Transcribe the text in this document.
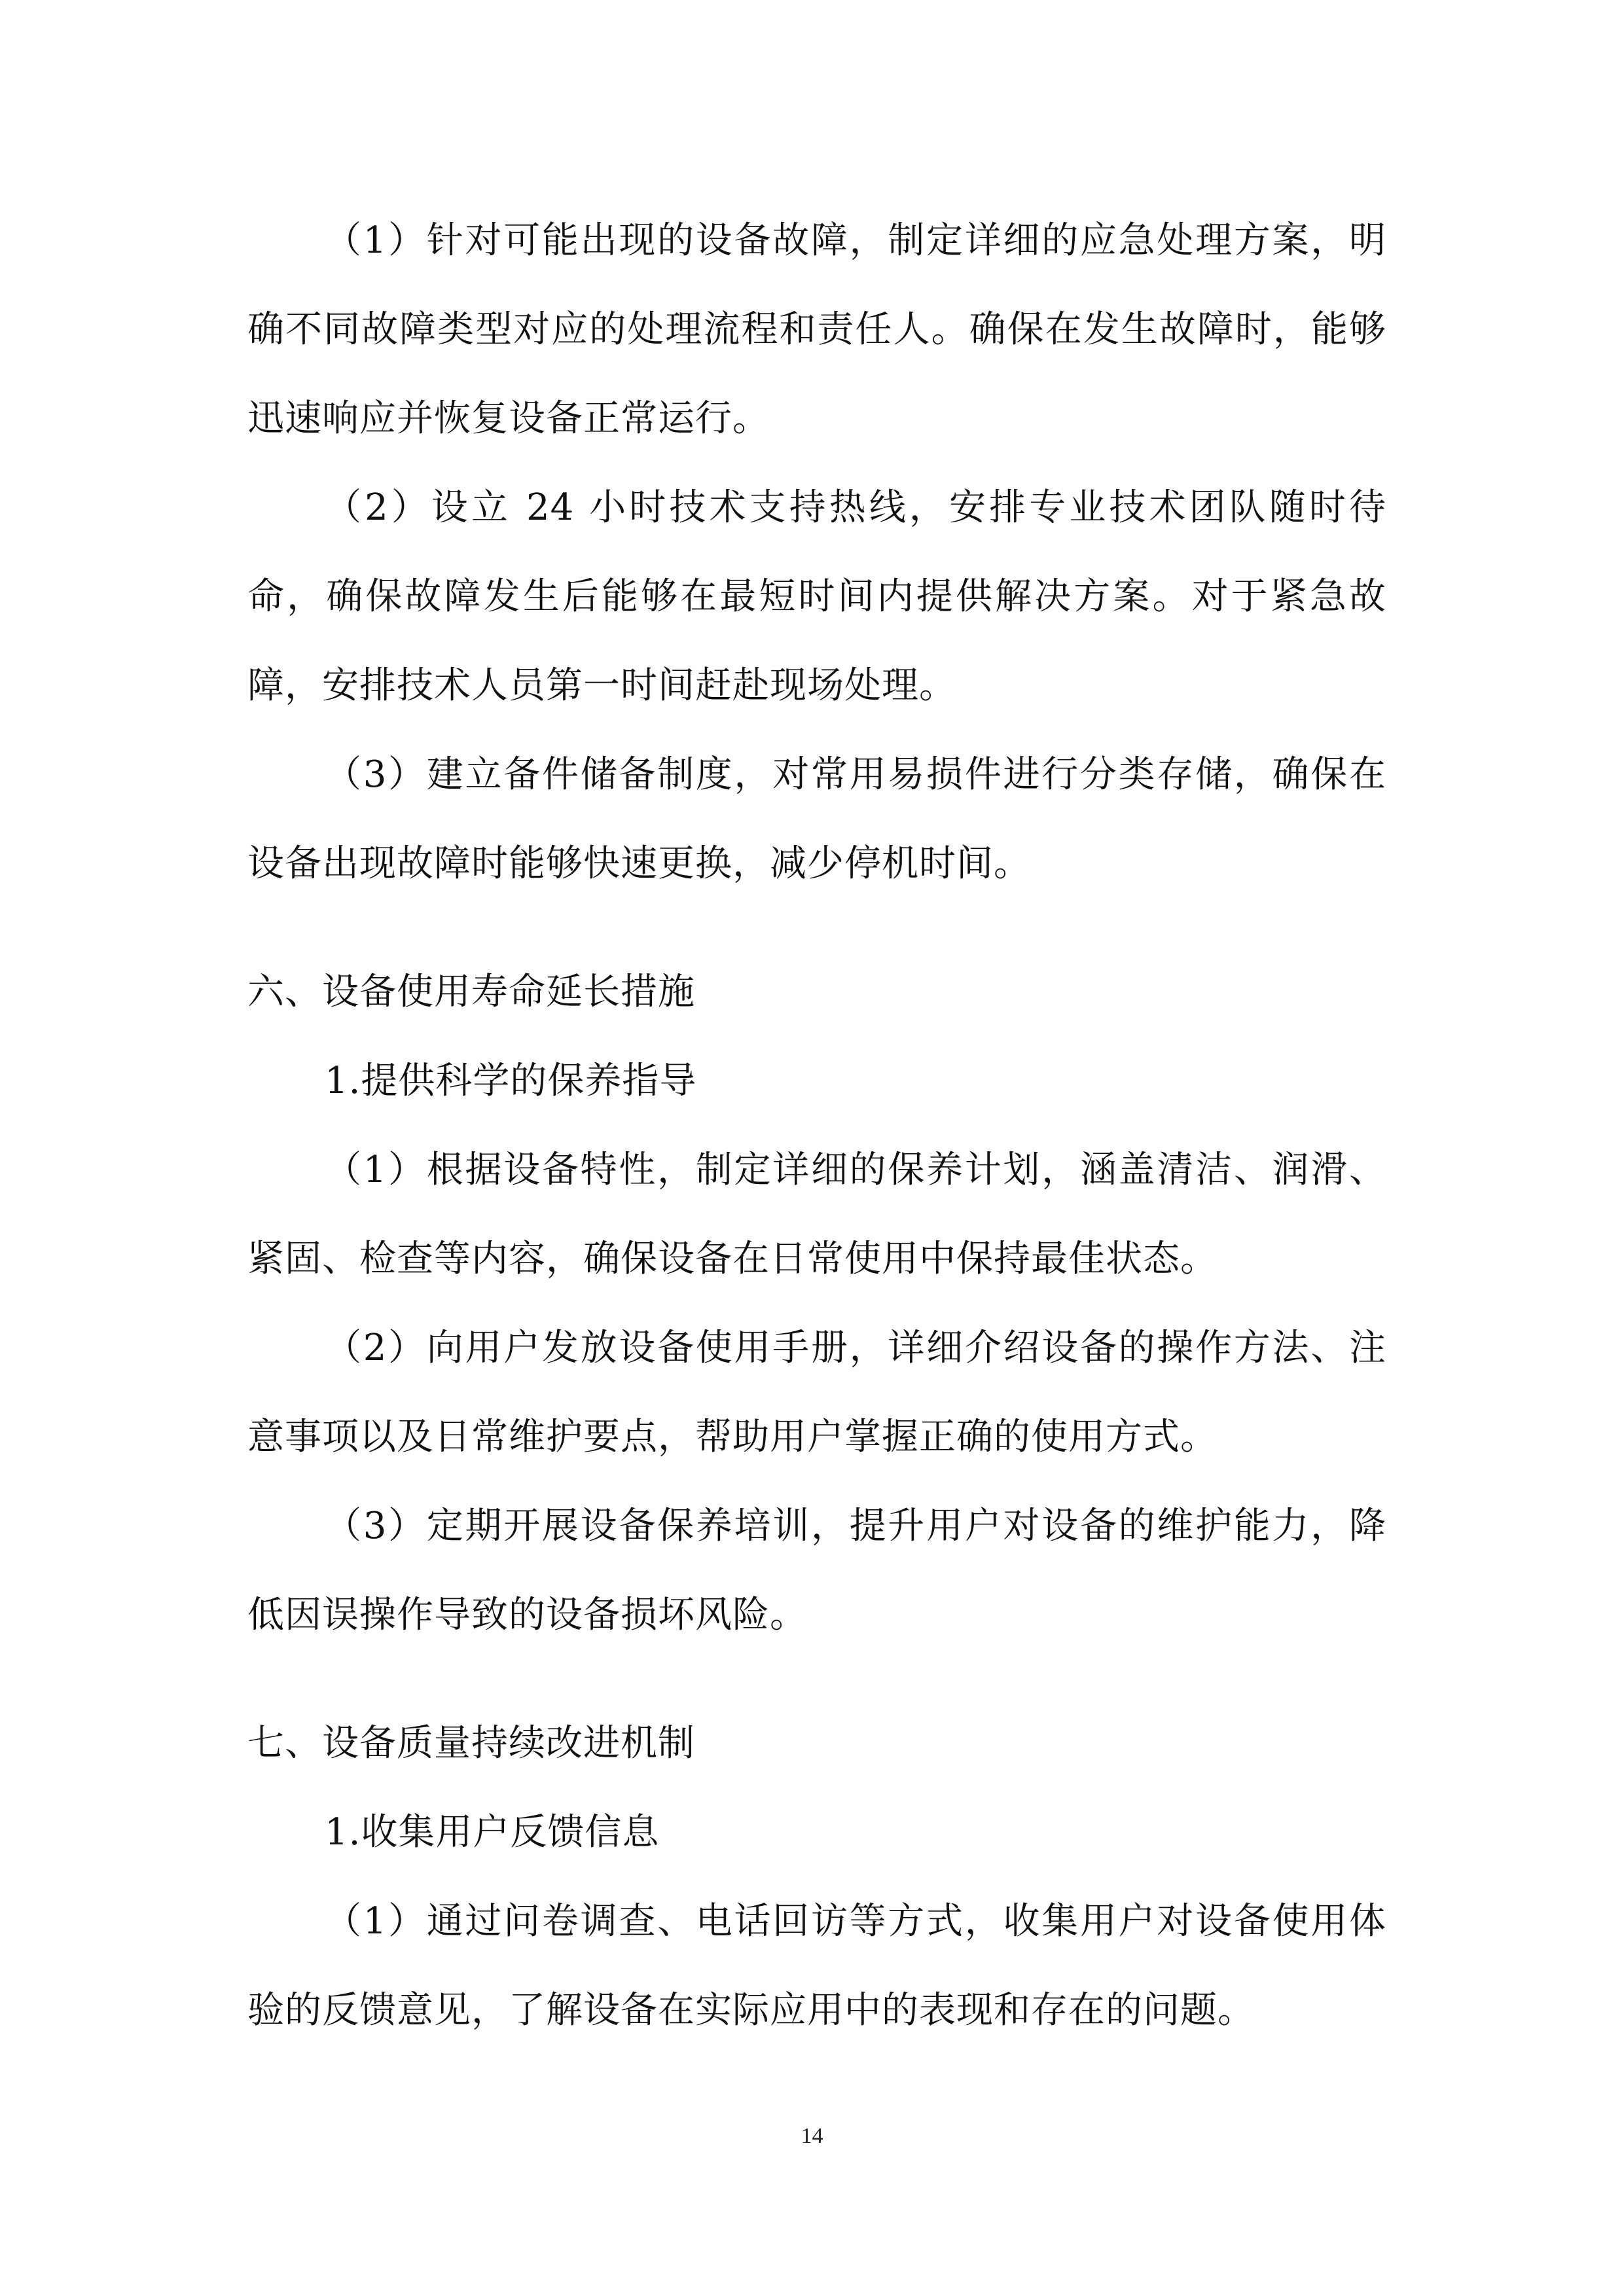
（1）针对可能出现的设备故障，制定详细的应急处理方案，明确不同故障类型对应的处理流程和责任人。确保在发生故障时，能够迅速响应并恢复设备正常运行。

（2）设立 24 小时技术支持热线，安排专业技术团队随时待命，确保故障发生后能够在最短时间内提供解决方案。对于紧急故障，安排技术人员第一时间赶赴现场处理。

（3）建立备件储备制度，对常用易损件进行分类存储，确保在设备出现故障时能够快速更换，减少停机时间。

六、设备使用寿命延长措施

1.提供科学的保养指导

（1）根据设备特性，制定详细的保养计划，涵盖清洁、润滑、紧固、检查等内容，确保设备在日常使用中保持最佳状态。

（2）向用户发放设备使用手册，详细介绍设备的操作方法、注意事项以及日常维护要点，帮助用户掌握正确的使用方式。

（3）定期开展设备保养培训，提升用户对设备的维护能力，降低因误操作导致的设备损坏风险。

七、设备质量持续改进机制

1.收集用户反馈信息

（1）通过问卷调查、电话回访等方式，收集用户对设备使用体验的反馈意见，了解设备在实际应用中的表现和存在的问题。

14
